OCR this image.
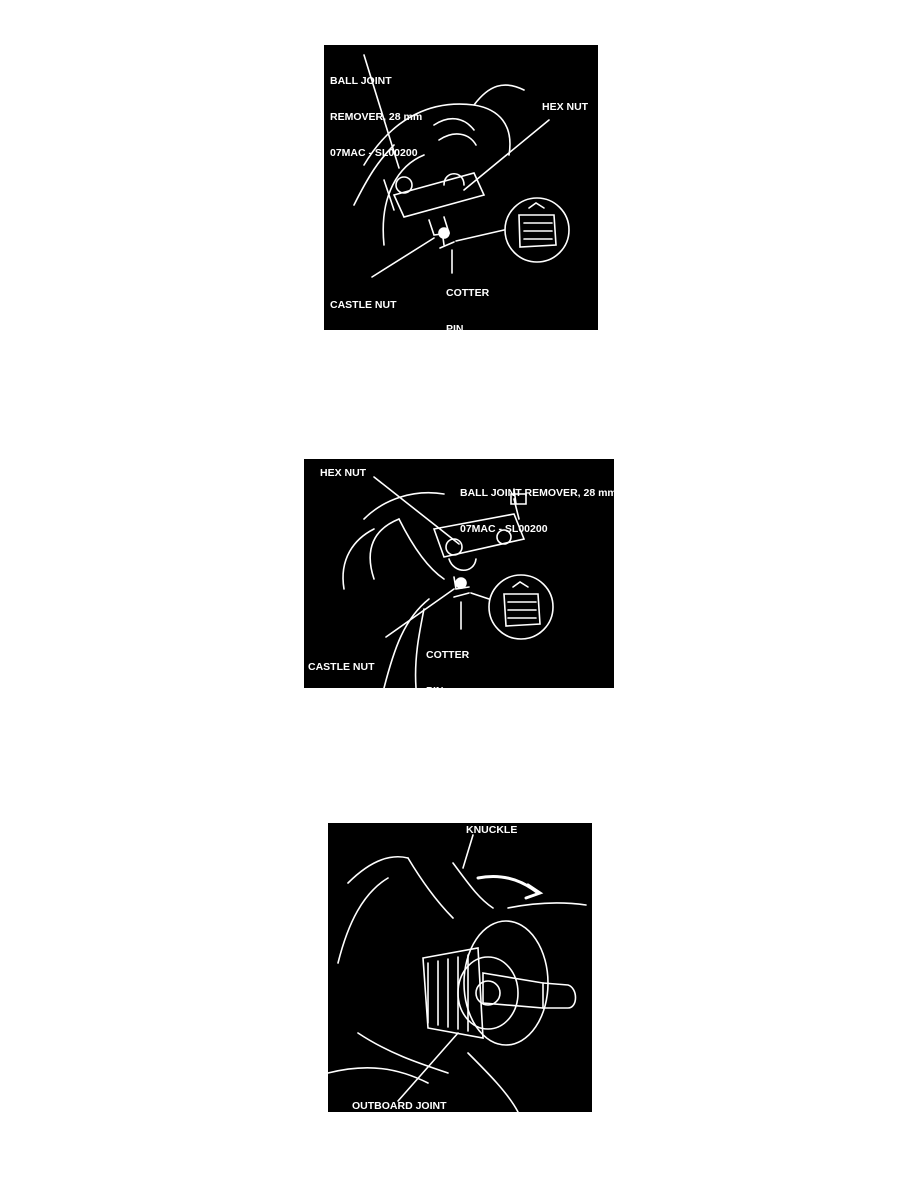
BALL JOINT

REMOVER, 28 mm

07MAC - SL00200

HEX NUT

CASTLE NUT

49 - 59 N·m

(5.0 - 6.0 kgf·m,

36 - 43 lbf·ft)

COTTER

PIN

Replace.

On reassembly,

bend the cotter pin as shown.

HEX NUT

BALL JOINT REMOVER, 28 mm

07MAC - SL00200

CASTLE NUT

39 - 47 N·m

(4.0 - 4.8 kgf·m,

29 - 35 lbf·ft)

COTTER

PIN

Replace.

On reassembly, bend

the cotter pin as shown.

KNUCKLE
OUTBOARD JOINT
